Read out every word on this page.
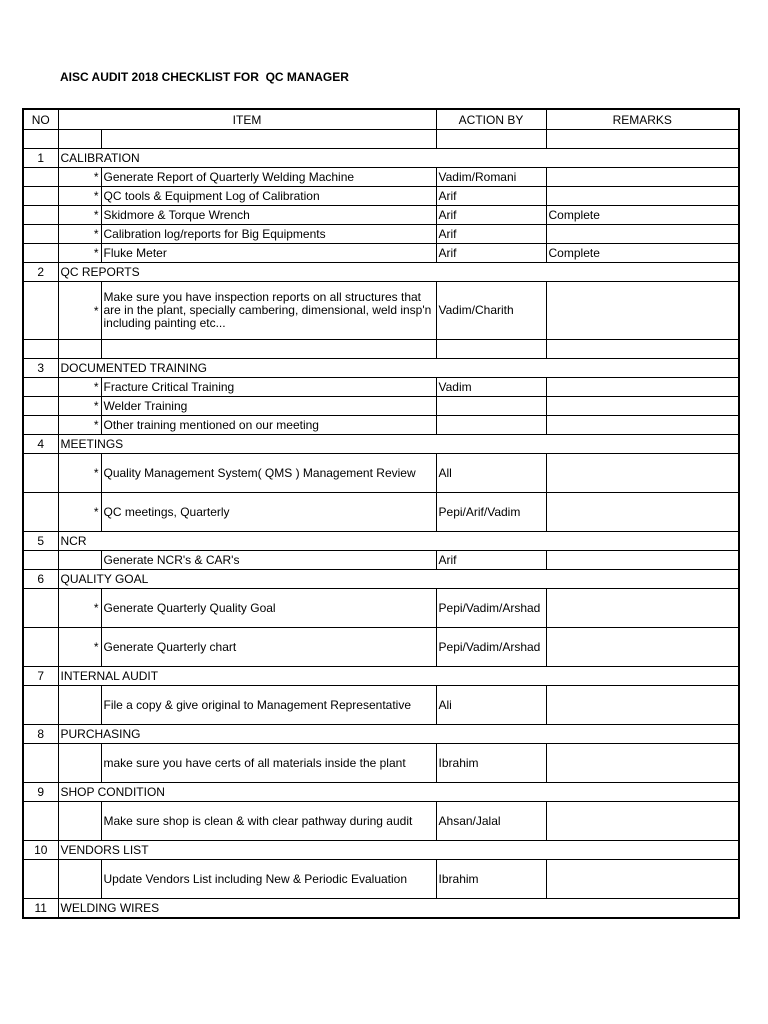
AISC AUDIT 2018 CHECKLIST FOR  QC MANAGER
NO	ITEM		ACTION BY	REMARKS

1	CALIBRATION			
	*	Generate Report of Quarterly Welding Machine	Vadim/Romani	
	*	QC tools & Equipment Log of Calibration	Arif	
	*	Skidmore & Torque Wrench	Arif	Complete
	*	Calibration log/reports for Big Equipments	Arif	
	*	Fluke Meter	Arif	Complete
2	QC REPORTS			
	*	Make sure you have inspection reports on all structures that are in the plant, specially cambering, dimensional, weld insp'n including painting etc...	Vadim/Charith	

3	DOCUMENTED TRAINING			
	*	Fracture Critical Training	Vadim	
	*	Welder Training		
	*	Other training mentioned on our meeting		
4	MEETINGS			
	*	Quality Management System( QMS ) Management Review	All	
	*	QC meetings, Quarterly	Pepi/Arif/Vadim	
5	NCR			
		Generate NCR's & CAR's	Arif	
6	QUALITY GOAL			
	*	Generate Quarterly Quality Goal	Pepi/Vadim/Arshad	
	*	Generate Quarterly chart	Pepi/Vadim/Arshad	
7	INTERNAL AUDIT			
		File a copy & give original to Management Representative	Ali	
8	PURCHASING			
		make sure you have certs of all materials inside the plant	Ibrahim	
9	SHOP CONDITION			
		Make sure shop is clean & with clear pathway during audit	Ahsan/Jalal	
10	VENDORS LIST			
		Update Vendors List including New & Periodic Evaluation	Ibrahim	
11	WELDING WIRES			
